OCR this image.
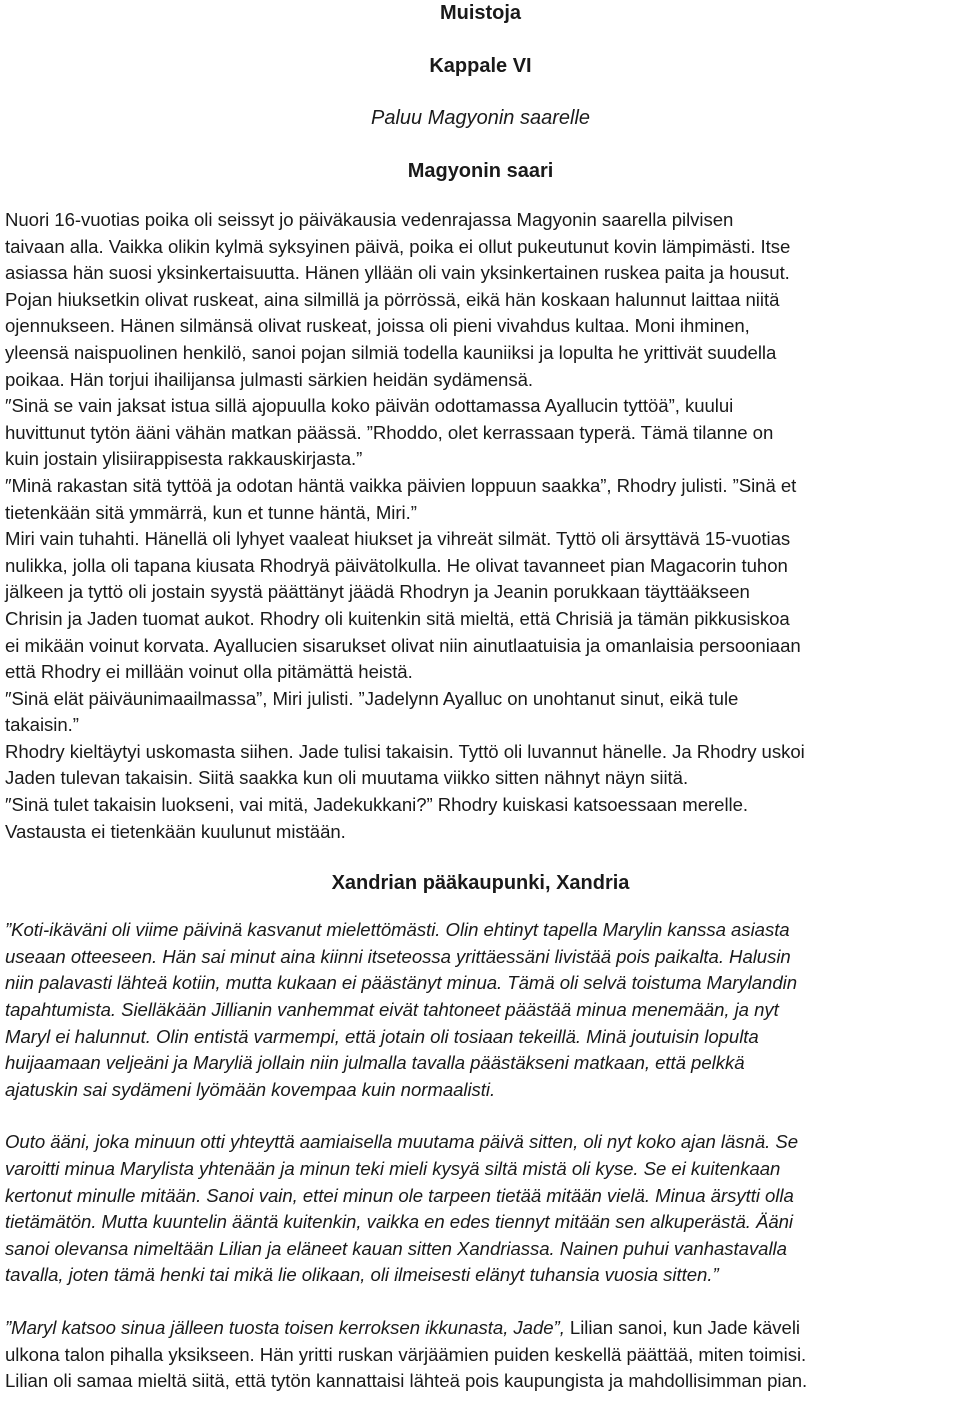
Muistoja

Kappale VI

Paluu Magyonin saarelle

Magyonin saari

Nuori 16-vuotias poika oli seissyt jo päiväkausia vedenrajassa Magyonin saarella pilvisen

taivaan alla. Vaikka olikin kylmä syksyinen päivä, poika ei ollut pukeutunut kovin lämpimästi. Itse

asiassa hän suosi yksinkertaisuutta. Hänen yllään oli vain yksinkertainen ruskea paita ja housut.

Pojan hiuksetkin olivat ruskeat, aina silmillä ja pörrössä, eikä hän koskaan halunnut laittaa niitä

ojennukseen. Hänen silmänsä olivat ruskeat, joissa oli pieni vivahdus kultaa. Moni ihminen,

yleensä naispuolinen henkilö, sanoi pojan silmiä todella kauniiksi ja lopulta he yrittivät suudella

poikaa. Hän torjui ihailijansa julmasti särkien heidän sydämensä.

″Sinä se vain jaksat istua sillä ajopuulla koko päivän odottamassa Ayallucin tyttöä”, kuului

huvittunut tytön ääni vähän matkan päässä. ”Rhoddo, olet kerrassaan typerä. Tämä tilanne on

kuin jostain ylisiirappisesta rakkauskirjasta.”

″Minä rakastan sitä tyttöä ja odotan häntä vaikka päivien loppuun saakka”, Rhodry julisti. ”Sinä et

tietenkään sitä ymmärrä, kun et tunne häntä, Miri.”

Miri vain tuhahti. Hänellä oli lyhyet vaaleat hiukset ja vihreät silmät. Tyttö oli ärsyttävä 15-vuotias

nulikka, jolla oli tapana kiusata Rhodryä päivätolkulla. He olivat tavanneet pian Magacorin tuhon

jälkeen ja tyttö oli jostain syystä päättänyt jäädä Rhodryn ja Jeanin porukkaan täyttääkseen

Chrisin ja Jaden tuomat aukot. Rhodry oli kuitenkin sitä mieltä, että Chrisiä ja tämän pikkusiskoa

ei mikään voinut korvata. Ayallucien sisarukset olivat niin ainutlaatuisia ja omanlaisia persooniaan

että Rhodry ei millään voinut olla pitämättä heistä.

″Sinä elät päiväunimaailmassa”, Miri julisti. ”Jadelynn Ayalluc on unohtanut sinut, eikä tule

takaisin.”

Rhodry kieltäytyi uskomasta siihen. Jade tulisi takaisin. Tyttö oli luvannut hänelle. Ja Rhodry uskoi

Jaden tulevan takaisin. Siitä saakka kun oli muutama viikko sitten nähnyt näyn siitä.

″Sinä tulet takaisin luokseni, vai mitä, Jadekukkani?” Rhodry kuiskasi katsoessaan merelle.

Vastausta ei tietenkään kuulunut mistään.

Xandrian pääkaupunki, Xandria

”Koti-ikäväni oli viime päivinä kasvanut mielettömästi. Olin ehtinyt tapella Marylin kanssa asiasta

useaan otteeseen. Hän sai minut aina kiinni itseteossa yrittäessäni livistää pois paikalta. Halusin

niin palavasti lähteä kotiin, mutta kukaan ei päästänyt minua. Tämä oli selvä toistuma Marylandin

tapahtumista. Sielläkään Jillianin vanhemmat eivät tahtoneet päästää minua menemään, ja nyt

Maryl ei halunnut. Olin entistä varmempi, että jotain oli tosiaan tekeillä. Minä joutuisin lopulta

huijaamaan veljeäni ja Maryliä jollain niin julmalla tavalla päästäkseni matkaan, että pelkkä

ajatuskin sai sydämeni lyömään kovempaa kuin normaalisti.

Outo ääni, joka minuun otti yhteyttä aamiaisella muutama päivä sitten, oli nyt koko ajan läsnä. Se

varoitti minua Marylista yhtenään ja minun teki mieli kysyä siltä mistä oli kyse. Se ei kuitenkaan

kertonut minulle mitään. Sanoi vain, ettei minun ole tarpeen tietää mitään vielä. Minua ärsytti olla

tietämätön. Mutta kuuntelin ääntä kuitenkin, vaikka en edes tiennyt mitään sen alkuperästä. Ääni

sanoi olevansa nimeltään Lilian ja eläneet kauan sitten Xandriassa. Nainen puhui vanhastavalla

tavalla, joten tämä henki tai mikä lie olikaan, oli ilmeisesti elänyt tuhansia vuosia sitten.”

”Maryl katsoo sinua jälleen tuosta toisen kerroksen ikkunasta, Jade”, Lilian sanoi, kun Jade käveli

ulkona talon pihalla yksikseen. Hän yritti ruskan värjäämien puiden keskellä päättää, miten toimisi.

Lilian oli samaa mieltä siitä, että tytön kannattaisi lähteä pois kaupungista ja mahdollisimman pian.
